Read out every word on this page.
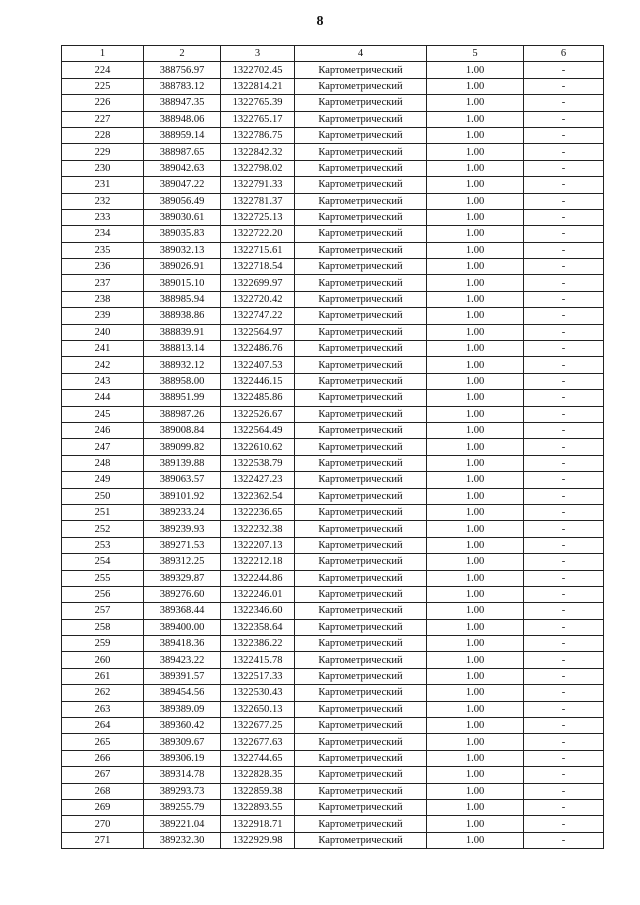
8
1	2	3	4	5	6
224	388756.97	1322702.45	Картометрический	1.00	-
225	388783.12	1322814.21	Картометрический	1.00	-
226	388947.35	1322765.39	Картометрический	1.00	-
227	388948.06	1322765.17	Картометрический	1.00	-
228	388959.14	1322786.75	Картометрический	1.00	-
229	388987.65	1322842.32	Картометрический	1.00	-
230	389042.63	1322798.02	Картометрический	1.00	-
231	389047.22	1322791.33	Картометрический	1.00	-
232	389056.49	1322781.37	Картометрический	1.00	-
233	389030.61	1322725.13	Картометрический	1.00	-
234	389035.83	1322722.20	Картометрический	1.00	-
235	389032.13	1322715.61	Картометрический	1.00	-
236	389026.91	1322718.54	Картометрический	1.00	-
237	389015.10	1322699.97	Картометрический	1.00	-
238	388985.94	1322720.42	Картометрический	1.00	-
239	388938.86	1322747.22	Картометрический	1.00	-
240	388839.91	1322564.97	Картометрический	1.00	-
241	388813.14	1322486.76	Картометрический	1.00	-
242	388932.12	1322407.53	Картометрический	1.00	-
243	388958.00	1322446.15	Картометрический	1.00	-
244	388951.99	1322485.86	Картометрический	1.00	-
245	388987.26	1322526.67	Картометрический	1.00	-
246	389008.84	1322564.49	Картометрический	1.00	-
247	389099.82	1322610.62	Картометрический	1.00	-
248	389139.88	1322538.79	Картометрический	1.00	-
249	389063.57	1322427.23	Картометрический	1.00	-
250	389101.92	1322362.54	Картометрический	1.00	-
251	389233.24	1322236.65	Картометрический	1.00	-
252	389239.93	1322232.38	Картометрический	1.00	-
253	389271.53	1322207.13	Картометрический	1.00	-
254	389312.25	1322212.18	Картометрический	1.00	-
255	389329.87	1322244.86	Картометрический	1.00	-
256	389276.60	1322246.01	Картометрический	1.00	-
257	389368.44	1322346.60	Картометрический	1.00	-
258	389400.00	1322358.64	Картометрический	1.00	-
259	389418.36	1322386.22	Картометрический	1.00	-
260	389423.22	1322415.78	Картометрический	1.00	-
261	389391.57	1322517.33	Картометрический	1.00	-
262	389454.56	1322530.43	Картометрический	1.00	-
263	389389.09	1322650.13	Картометрический	1.00	-
264	389360.42	1322677.25	Картометрический	1.00	-
265	389309.67	1322677.63	Картометрический	1.00	-
266	389306.19	1322744.65	Картометрический	1.00	-
267	389314.78	1322828.35	Картометрический	1.00	-
268	389293.73	1322859.38	Картометрический	1.00	-
269	389255.79	1322893.55	Картометрический	1.00	-
270	389221.04	1322918.71	Картометрический	1.00	-
271	389232.30	1322929.98	Картометрический	1.00	-
